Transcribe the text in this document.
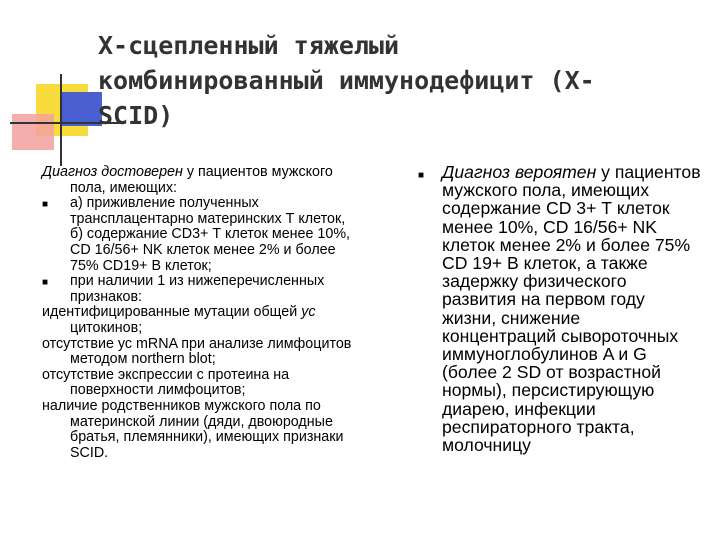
X-сцепленный тяжелый
комбинированный иммунодефицит (X-
SCID)
Диагноз достоверен у пациентов мужского
пола, имеющих:
■ а) приживление полученных
трансплацентарно материнских Т клеток,
б) содержание CD3+ Т клеток менее 10%,
CD 16/56+ NK клеток менее 2% и более
75% CD19+ В клеток;
■ при наличии 1 из нижеперечисленных
признаков:
идентифицированные мутации общей ус
цитокинов;
отсутствие ус mRNA при анализе лимфоцитов
методом northern blot;
отсутствие экспрессии с протеина на
поверхности лимфоцитов;
наличие родственников мужского пола по
материнской линии (дяди, двоюродные
братья, племянники), имеющих признаки
SCID.
■ Диагноз вероятен у пациентов
мужского пола, имеющих
содержание CD 3+ Т клеток
менее 10%, CD 16/56+ NK
клеток менее 2% и более 75%
CD 19+ В клеток, а также
задержку физического
развития на первом году
жизни, снижение
концентраций сывороточных
иммуноглобулинов A и G
(более 2 SD от возрастной
нормы), персистирующую
диарею, инфекции
респираторного тракта,
молочницу
